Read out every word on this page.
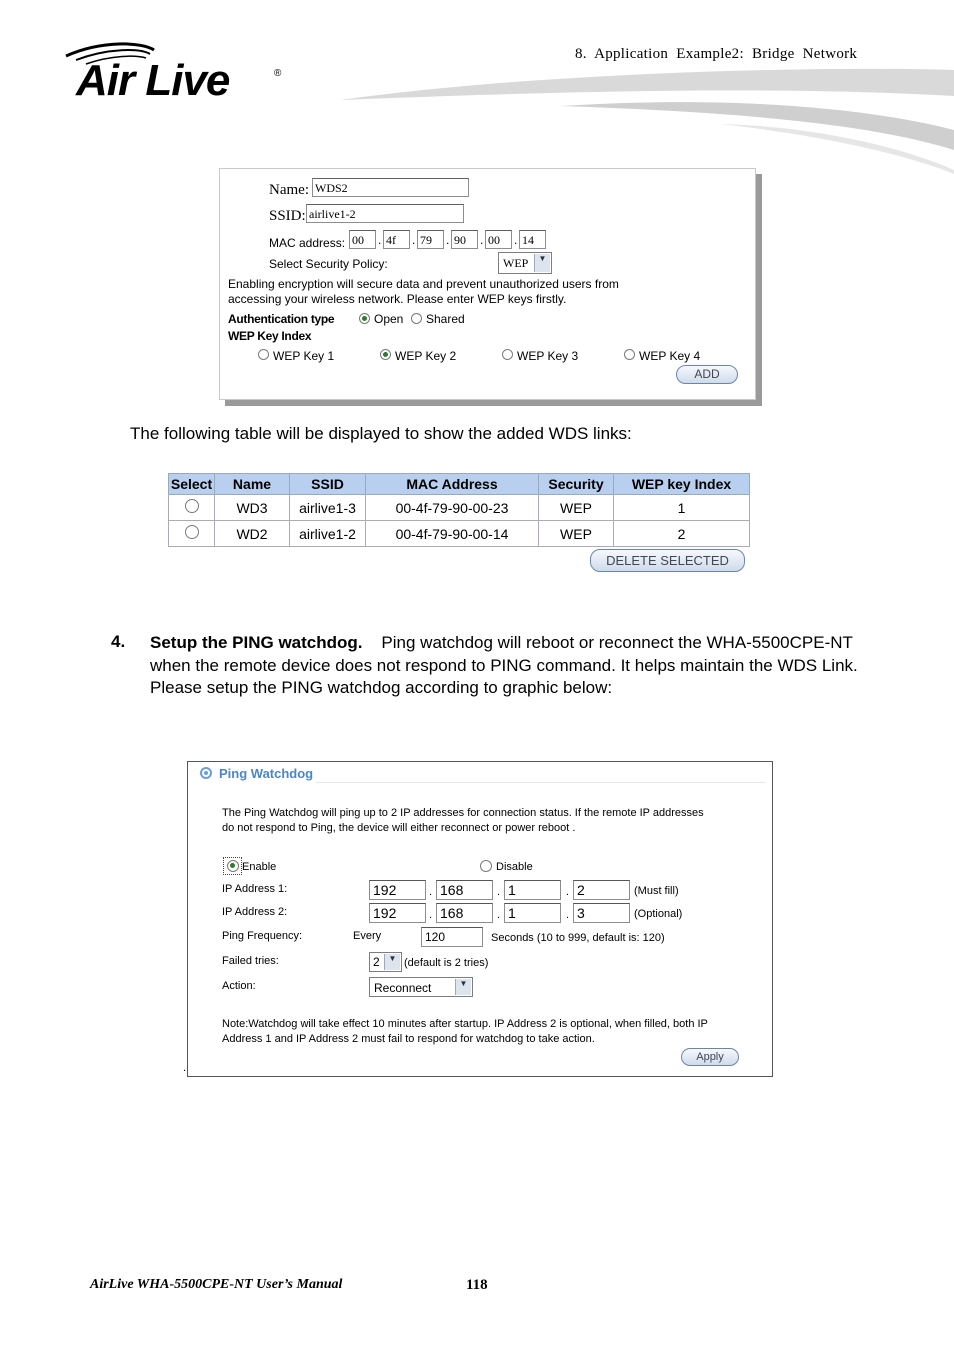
8. Application Example2: Bridge Network
Air Live	®
Name: WDS2
SSID: airlive1-2
MAC address: 00	. 4f	. 79	. 90	. 00	. 14
Select Security Policy:	WEP	▼
Enabling encryption will secure data and prevent unauthorized users from
accessing your wireless network. Please enter WEP keys firstly.
Authentication type	Open Shared
WEP Key Index
WEP Key 1	WEP Key 2	WEP Key 3	WEP Key 4
ADD
The following table will be displayed to show the added WDS links:
Select	Name	SSID	MAC Address	Security	WEP key Index
	WD3	airlive1-3	00-4f-79-90-00-23	WEP	1
	WD2	airlive1-2	00-4f-79-90-00-14	WEP	2
DELETE SELECTED
4. Setup the PING watchdog. Ping watchdog will reboot or reconnect the WHA-5500CPE-NT when the remote device does not respond to PING command. It helps maintain the WDS Link. Please setup the PING watchdog according to graphic below:
Ping Watchdog
The Ping Watchdog will ping up to 2 IP addresses for connection status. If the remote IP addresses
do not respond to Ping, the device will either reconnect or power reboot .
Enable	Disable
IP Address 1:	192	. 168	. 1	. 2	(Must fill)
IP Address 2:	192	. 168	. 1	. 3	(Optional)
Ping Frequency:	Every	120	Seconds (10 to 999, default is: 120)
Failed tries:	2	▼ (default is 2 tries)
Action:	Reconnect	▼
Note:Watchdog will take effect 10 minutes after startup. IP Address 2 is optional, when filled, both IP
Address 1 and IP Address 2 must fail to respond for watchdog to take action.
Apply
.
AirLive WHA-5500CPE-NT User’s Manual	118
